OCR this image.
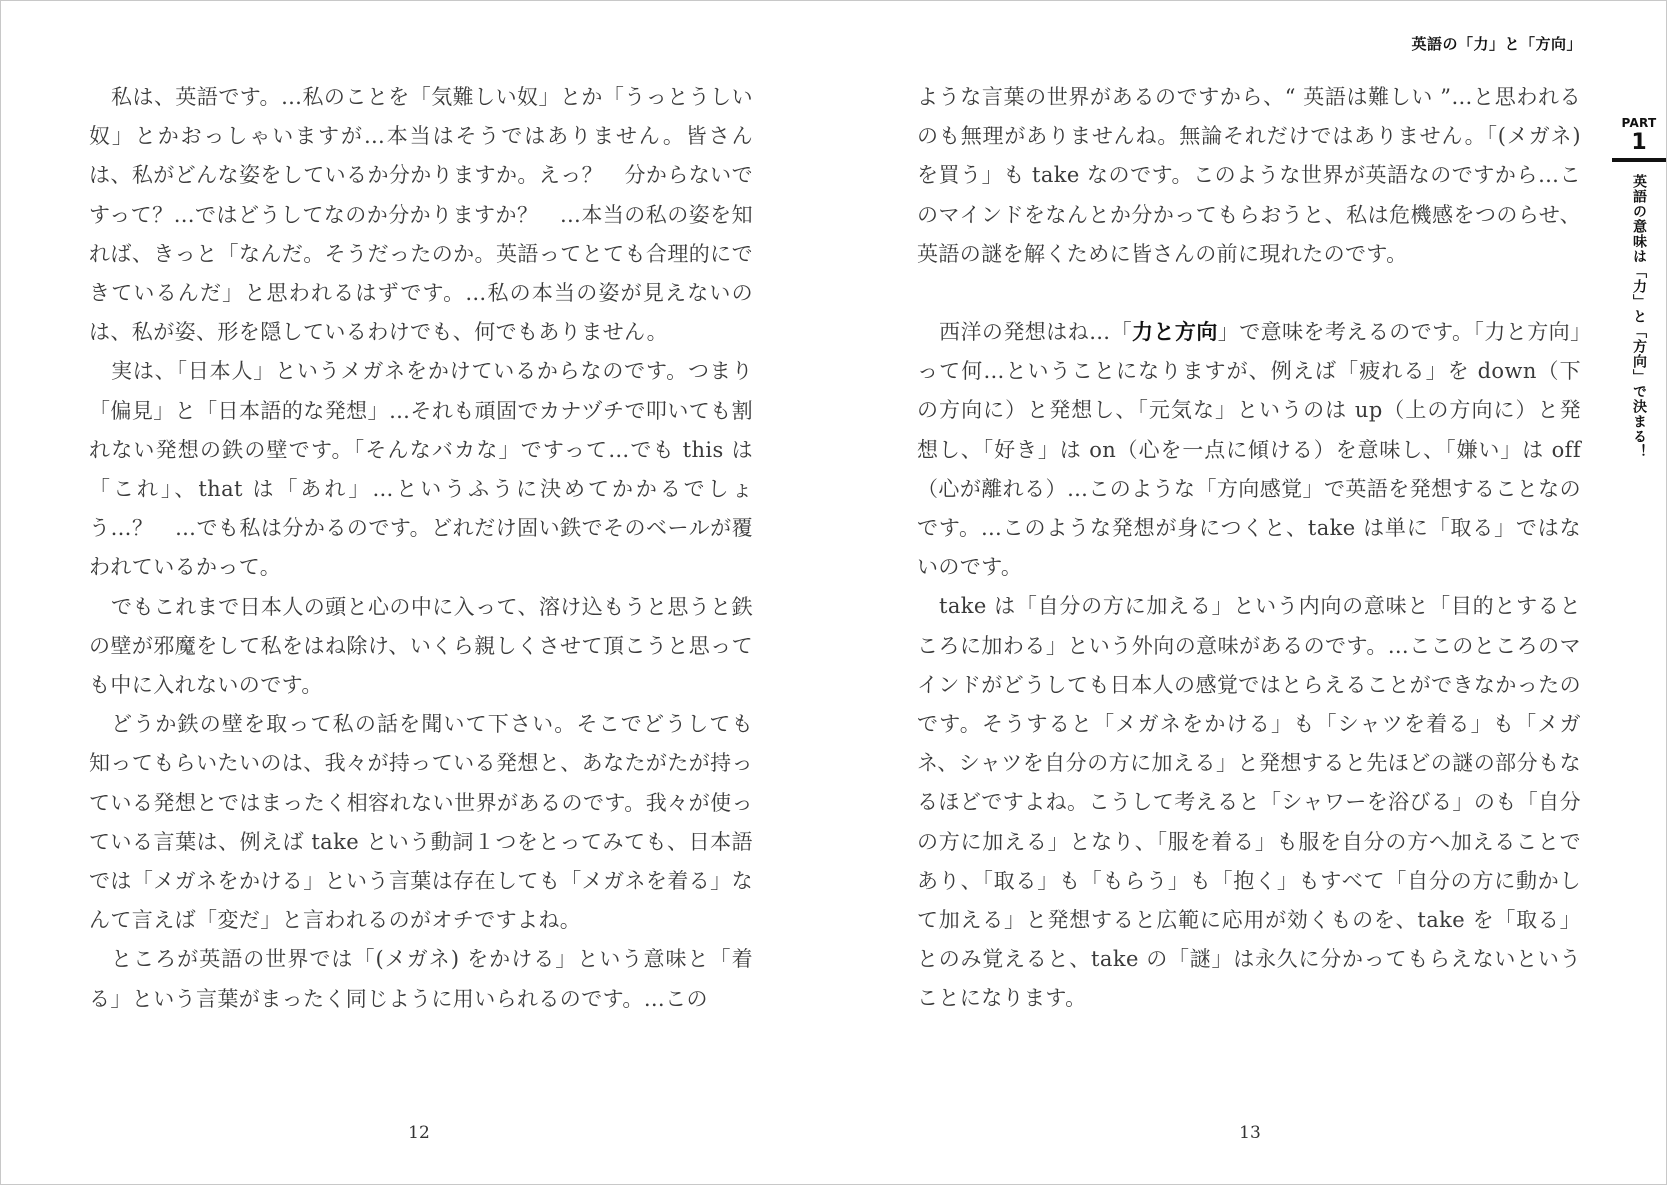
私は、英語です。…私のことを「気難しい奴」とか「うっとうしい奴」とかおっしゃいますが…本当はそうではありません。皆さんは、私がどんな姿をしているか分かりますか。えっ？　分からないですって？…ではどうしてなのか分かりますか？　…本当の私の姿を知れば、きっと「なんだ。そうだったのか。英語ってとても合理的にできているんだ」と思われるはずです。…私の本当の姿が見えないのは、私が姿、形を隠しているわけでも、何でもありません。

実は、「日本人」というメガネをかけているからなのです。つまり「偏見」と「日本語的な発想」…それも頑固でカナヅチで叩いても割れない発想の鉄の壁です。「そんなバカな」ですって…でも this は「これ」、that は「あれ」…というふうに決めてかかるでしょう…？　…でも私は分かるのです。どれだけ固い鉄でそのベールが覆われているかって。

でもこれまで日本人の頭と心の中に入って、溶け込もうと思うと鉄の壁が邪魔をして私をはね除け、いくら親しくさせて頂こうと思っても中に入れないのです。

どうか鉄の壁を取って私の話を聞いて下さい。そこでどうしても知ってもらいたいのは、我々が持っている発想と、あなたがたが持っている発想とではまったく相容れない世界があるのです。我々が使っている言葉は、例えば take という動詞１つをとってみても、日本語では「メガネをかける」という言葉は存在しても「メガネを着る」なんて言えば「変だ」と言われるのがオチですよね。

ところが英語の世界では「(メガネ) をかける」という意味と「着る」という言葉がまったく同じように用いられるのです。…この

12
英語の「力」と「方向」

ような言葉の世界があるのですから、“ 英語は難しい ”…と思われるのも無理がありませんね。無論それだけではありません。「(メガネ) を買う」も take なのです。このような世界が英語なのですから…このマインドをなんとか分かってもらおうと、私は危機感をつのらせ、英語の謎を解くために皆さんの前に現れたのです。

西洋の発想はね…「力と方向」で意味を考えるのです。「力と方向」って何…ということになりますが、例えば「疲れる」を down（下の方向に）と発想し、「元気な」というのは up（上の方向に）と発想し、「好き」は on（心を一点に傾ける）を意味し、「嫌い」は off（心が離れる）…このような「方向感覚」で英語を発想することなのです。…このような発想が身につくと、take は単に「取る」ではないのです。

take は「自分の方に加える」という内向の意味と「目的とするところに加わる」という外向の意味があるのです。…ここのところのマインドがどうしても日本人の感覚ではとらえることができなかったのです。そうすると「メガネをかける」も「シャツを着る」も「メガネ、シャツを自分の方に加える」と発想すると先ほどの謎の部分もなるほどですよね。こうして考えると「シャワーを浴びる」のも「自分の方に加える」となり、「服を着る」も服を自分の方へ加えることであり、「取る」も「もらう」も「抱く」もすべて「自分の方に動かして加える」と発想すると広範に応用が効くものを、take を「取る」とのみ覚えると、take の「謎」は永久に分かってもらえないということになります。

PART
1
英語の意味は「力」と「方向」で決まる！
13
